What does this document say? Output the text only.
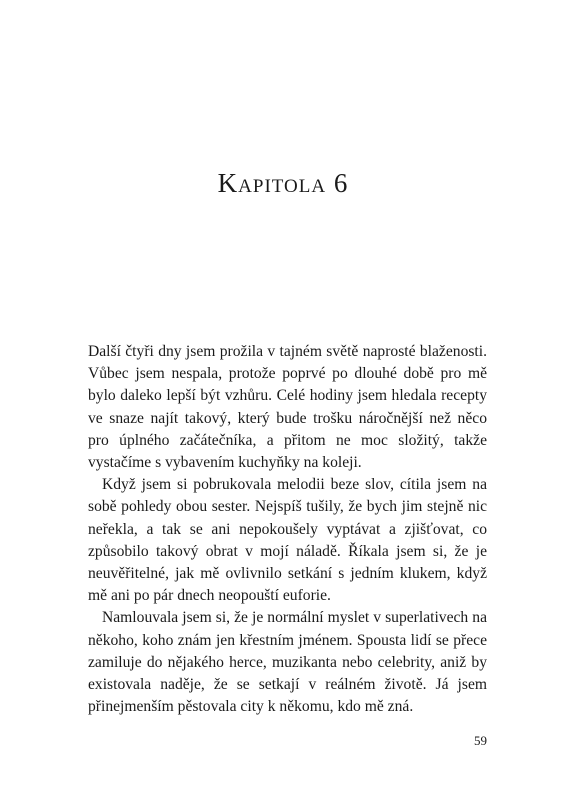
Kapitola 6

Další čtyři dny jsem prožila v tajném světě naprosté blaženosti. Vůbec jsem nespala, protože poprvé po dlouhé době pro mě bylo daleko lepší být vzhůru. Celé hodiny jsem hledala recepty ve snaze najít takový, který bude trošku náročnější než něco pro úplného začátečníka, a přitom ne moc složitý, takže vystačíme s vybavením kuchyňky na koleji.

Když jsem si pobrukovala melodii beze slov, cítila jsem na sobě pohledy obou sester. Nejspíš tušily, že bych jim stejně nic neřekla, a tak se ani nepokoušely vyptávat a zjišťovat, co způsobilo takový obrat v mojí náladě. Říkala jsem si, že je neuvěřitelné, jak mě ovlivnilo setkání s jedním klukem, když mě ani po pár dnech neopouští euforie.

Namlouvala jsem si, že je normální myslet v superlativech na někoho, koho znám jen křestním jménem. Spousta lidí se přece zamiluje do nějakého herce, muzikanta nebo celebrity, aniž by existovala naděje, že se setkají v reálném životě. Já jsem přinejmenším pěstovala city k někomu, kdo mě zná.

59
